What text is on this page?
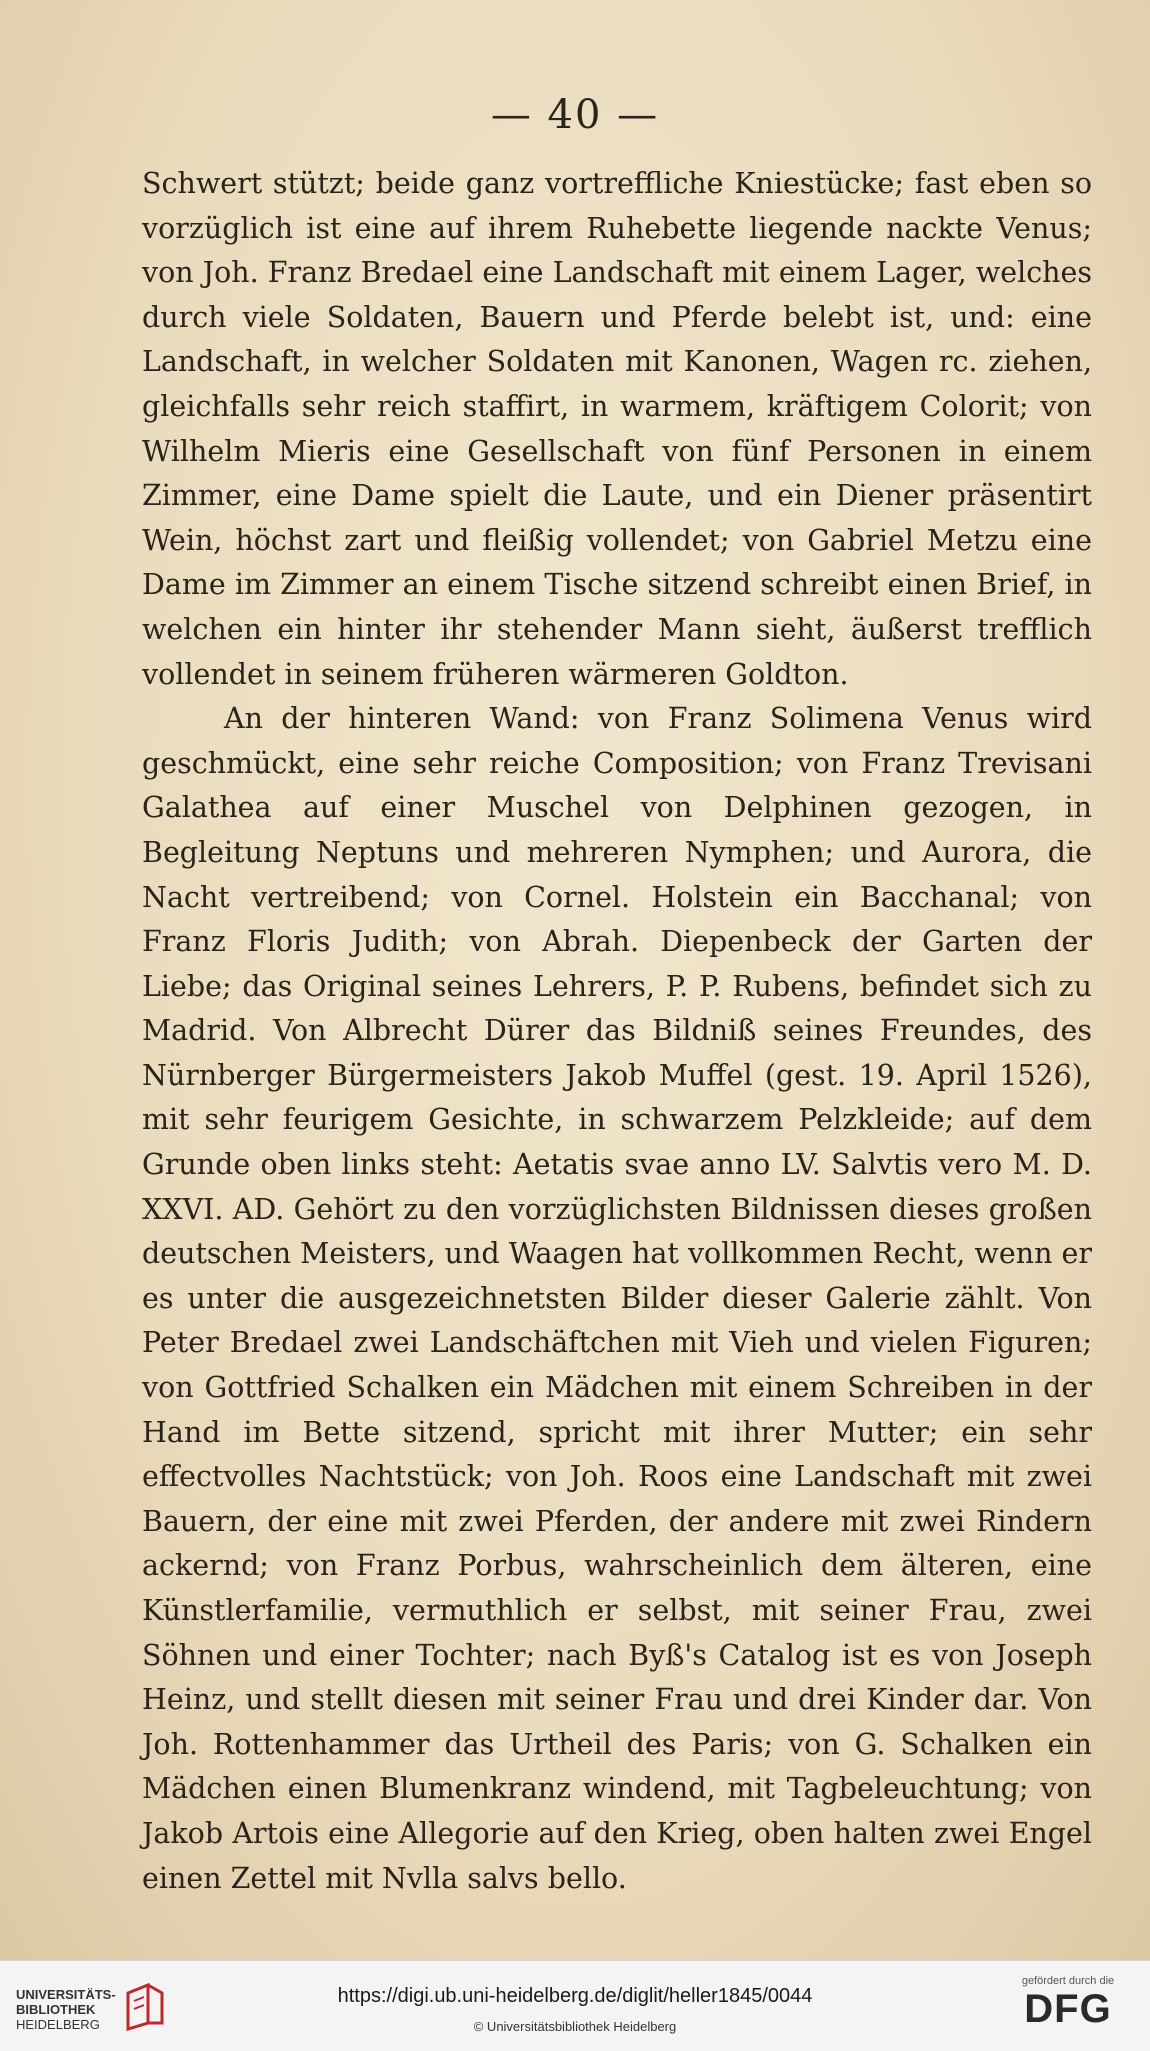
— 40 —

Schwert stützt; beide ganz vortreffliche Kniestücke; fast eben so vorzüglich ist eine auf ihrem Ruhebette liegende nackte Venus; von Joh. Franz Bredael eine Landschaft mit einem Lager, welches durch viele Soldaten, Bauern und Pferde belebt ist, und: eine Landschaft, in welcher Soldaten mit Kanonen, Wagen rc. ziehen, gleichfalls sehr reich staffirt, in warmem, kräftigem Colorit; von Wilhelm Mieris eine Gesellschaft von fünf Personen in einem Zimmer, eine Dame spielt die Laute, und ein Diener präsentirt Wein, höchst zart und fleißig vollendet; von Gabriel Metzu eine Dame im Zimmer an einem Tische sitzend schreibt einen Brief, in welchen ein hinter ihr stehender Mann sieht, äußerst trefflich vollendet in seinem früheren wärmeren Goldton.

An der hinteren Wand: von Franz Solimena Venus wird geschmückt, eine sehr reiche Composition; von Franz Trevisani Galathea auf einer Muschel von Delphinen gezogen, in Begleitung Neptuns und mehreren Nymphen; und Aurora, die Nacht vertreibend; von Cornel. Holstein ein Bacchanal; von Franz Floris Judith; von Abrah. Diepenbeck der Garten der Liebe; das Original seines Lehrers, P. P. Rubens, befindet sich zu Madrid. Von Albrecht Dürer das Bildniß seines Freundes, des Nürnberger Bürgermeisters Jakob Muffel (gest. 19. April 1526), mit sehr feurigem Gesichte, in schwarzem Pelzkleide; auf dem Grunde oben links steht: Aetatis svae anno LV. Salvtis vero M. D. XXVI. AD. Gehört zu den vorzüglichsten Bildnissen dieses großen deutschen Meisters, und Waagen hat vollkommen Recht, wenn er es unter die ausgezeichnetsten Bilder dieser Galerie zählt. Von Peter Bredael zwei Landschäftchen mit Vieh und vielen Figuren; von Gottfried Schalken ein Mädchen mit einem Schreiben in der Hand im Bette sitzend, spricht mit ihrer Mutter; ein sehr effectvolles Nachtstück; von Joh. Roos eine Landschaft mit zwei Bauern, der eine mit zwei Pferden, der andere mit zwei Rindern ackernd; von Franz Porbus, wahrscheinlich dem älteren, eine Künstlerfamilie, vermuthlich er selbst, mit seiner Frau, zwei Söhnen und einer Tochter; nach Byß's Catalog ist es von Joseph Heinz, und stellt diesen mit seiner Frau und drei Kinder dar. Von Joh. Rottenhammer das Urtheil des Paris; von G. Schalken ein Mädchen einen Blumenkranz windend, mit Tagbeleuchtung; von Jakob Artois eine Allegorie auf den Krieg, oben halten zwei Engel einen Zettel mit Nvlla salvs bello.

UNIVERSITÄTS-
BIBLIOTHEK
HEIDELBERG
https://digi.ub.uni-heidelberg.de/diglit/heller1845/0044
© Universitätsbibliothek Heidelberg
gefördert durch die
DFG
